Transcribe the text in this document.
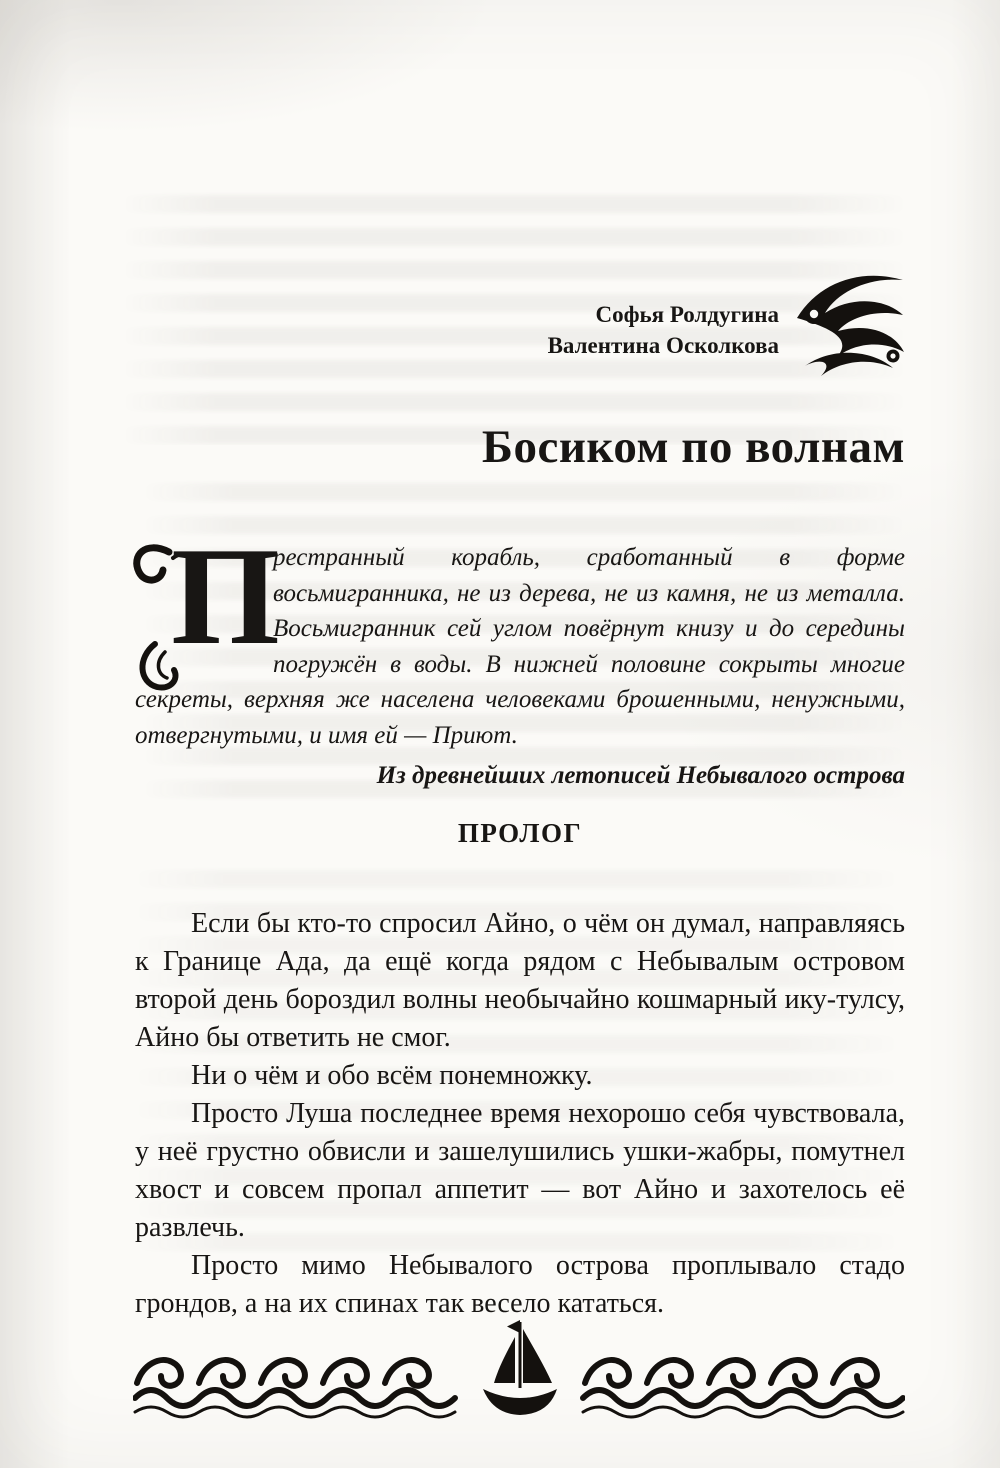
Софья Ролдугина
Валентина Осколкова
Босиком по волнам
П
рестранный корабль, сработанный в форме восьмигранника, не из дерева, не из камня, не из металла. Восьмигранник сей углом повёрнут книзу и до середины погружён в воды. В нижней половине сокрыты многие секреты, верхняя же населена человеками брошенными, ненужными, отвергнутыми, и имя ей — Приют.
Из древнейших летописей Небывалого острова
ПРОЛОГ

Если бы кто-то спросил Айно, о чём он думал, направляясь к Границе Ада, да ещё когда рядом с Небывалым островом второй день бороздил волны необычайно кошмарный ику-тулсу, Айно бы ответить не смог.

Ни о чём и обо всём понемножку.

Просто Луша последнее время нехорошо себя чувствовала, у неё грустно обвисли и зашелушились ушки-жабры, помутнел хвост и совсем пропал аппетит — вот Айно и захотелось её развлечь.

Просто мимо Небывалого острова проплывало стадо грондов, а на их спинах так весело кататься.
